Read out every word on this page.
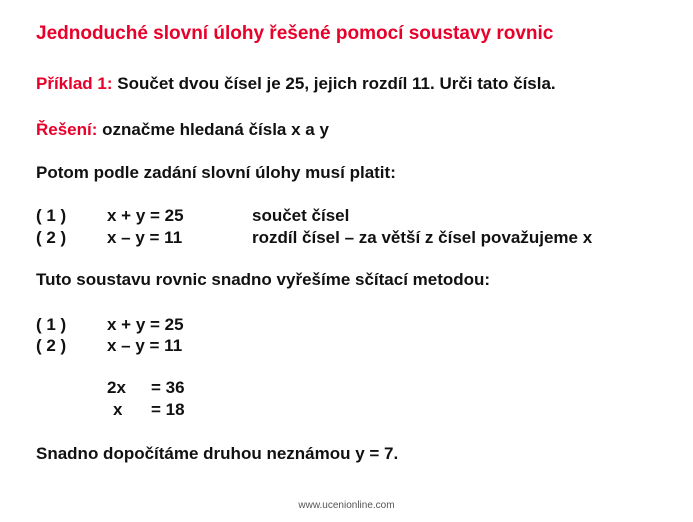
Jednoduché slovní úlohy řešené pomocí soustavy rovnic
Příklad 1: Součet dvou čísel je 25, jejich rozdíl 11. Urči tato čísla.
Řešení: označme hledaná čísla x a y
Potom podle zadání slovní úlohy musí platit:
( 1 ) x + y = 25	součet čísel
( 2 ) x – y = 11	rozdíl čísel – za větší z čísel považujeme x
Tuto soustavu rovnic snadno vyřešíme sčítací metodou:
( 1 ) x + y = 25
( 2 ) x – y = 11
2x = 36
x = 18
Snadno dopočítáme druhou neznámou y = 7.
www.ucenionline.com
